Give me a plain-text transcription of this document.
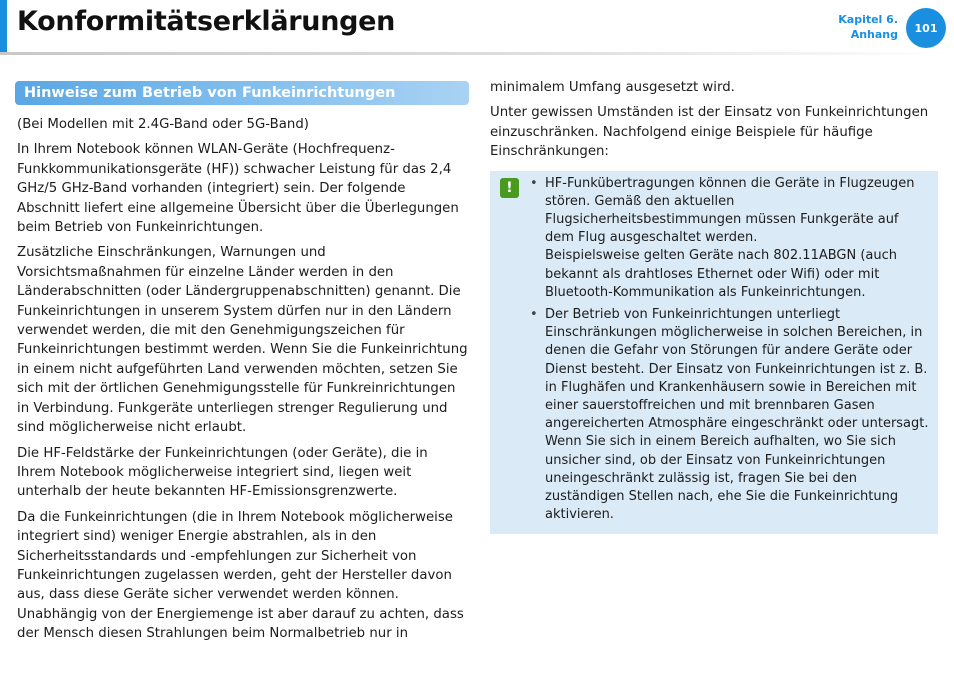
Konformitätserklärungen	Kapitel 6.
Anhang	101
Hinweise zum Betrieb von Funkeinrichtungen

(Bei Modellen mit 2.4G-Band oder 5G-Band)

In Ihrem Notebook können WLAN-Geräte (Hochfrequenz-Funkkommunikationsgeräte (HF)) schwacher Leistung für das 2,4 GHz/5 GHz-Band vorhanden (integriert) sein. Der folgende Abschnitt liefert eine allgemeine Übersicht über die Überlegungen beim Betrieb von Funkeinrichtungen.

Zusätzliche Einschränkungen, Warnungen und Vorsichtsmaßnahmen für einzelne Länder werden in den Länderabschnitten (oder Ländergruppenabschnitten) genannt. Die Funkeinrichtungen in unserem System dürfen nur in den Ländern verwendet werden, die mit den Genehmigungszeichen für Funkeinrichtungen bestimmt werden. Wenn Sie die Funkeinrichtung in einem nicht aufgeführten Land verwenden möchten, setzen Sie sich mit der örtlichen Genehmigungsstelle für Funkreinrichtungen in Verbindung. Funkgeräte unterliegen strenger Regulierung und sind möglicherweise nicht erlaubt.

Die HF-Feldstärke der Funkeinrichtungen (oder Geräte), die in Ihrem Notebook möglicherweise integriert sind, liegen weit unterhalb der heute bekannten HF-Emissionsgrenzwerte.

Da die Funkeinrichtungen (die in Ihrem Notebook möglicherweise integriert sind) weniger Energie abstrahlen, als in den Sicherheitsstandards und -empfehlungen zur Sicherheit von Funkeinrichtungen zugelassen werden, geht der Hersteller davon aus, dass diese Geräte sicher verwendet werden können. Unabhängig von der Energiemenge ist aber darauf zu achten, dass der Mensch diesen Strahlungen beim Normalbetrieb nur in

minimalem Umfang ausgesetzt wird.

Unter gewissen Umständen ist der Einsatz von Funkeinrichtungen einzuschränken. Nachfolgend einige Beispiele für häufige Einschränkungen:

!
•	HF-Funkübertragungen können die Geräte in Flugzeugen stören. Gemäß den aktuellen Flugsicherheitsbestimmungen müssen Funkgeräte auf dem Flug ausgeschaltet werden.
Beispielsweise gelten Geräte nach 802.11ABGN (auch bekannt als drahtloses Ethernet oder Wifi) oder mit Bluetooth-Kommunikation als Funkeinrichtungen.
• Der Betrieb von Funkeinrichtungen unterliegt Einschränkungen möglicherweise in solchen Bereichen, in denen die Gefahr von Störungen für andere Geräte oder Dienst besteht. Der Einsatz von Funkeinrichtungen ist z. B. in Flughäfen und Krankenhäusern sowie in Bereichen mit einer sauerstoffreichen und mit brennbaren Gasen angereicherten Atmosphäre eingeschränkt oder untersagt. Wenn Sie sich in einem Bereich aufhalten, wo Sie sich unsicher sind, ob der Einsatz von Funkeinrichtungen uneingeschränkt zulässig ist, fragen Sie bei den zuständigen Stellen nach, ehe Sie die Funkeinrichtung aktivieren.
